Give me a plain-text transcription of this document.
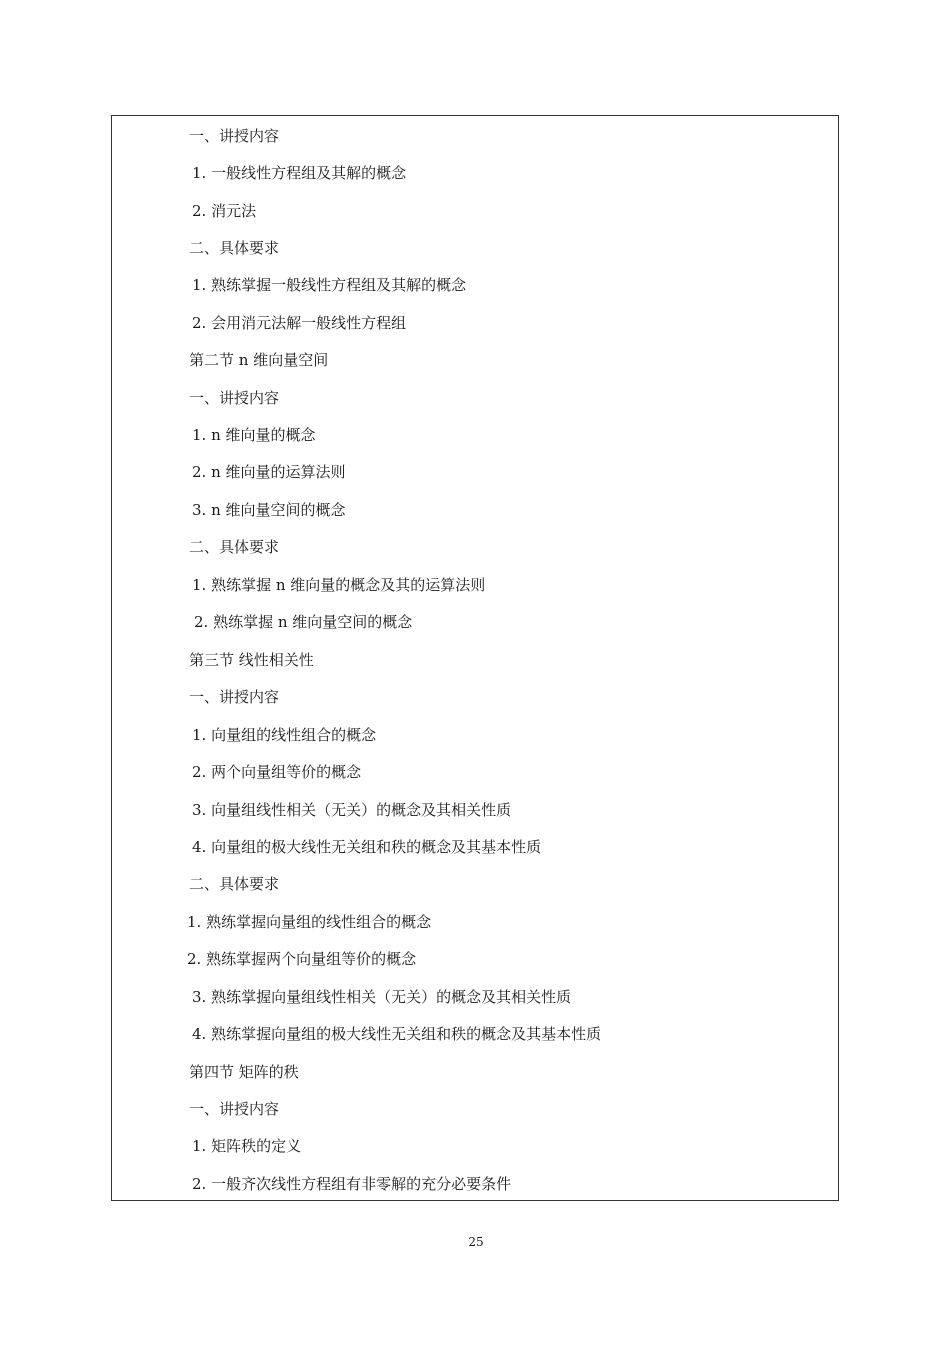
一、讲授内容
1. 一般线性方程组及其解的概念
2. 消元法
二、具体要求
1. 熟练掌握一般线性方程组及其解的概念
2. 会用消元法解一般线性方程组
第二节 n 维向量空间
一、讲授内容
1. n 维向量的概念
2. n 维向量的运算法则
3. n 维向量空间的概念
二、具体要求
1. 熟练掌握 n 维向量的概念及其的运算法则
2. 熟练掌握 n 维向量空间的概念
第三节 线性相关性
一、讲授内容
1. 向量组的线性组合的概念
2. 两个向量组等价的概念
3. 向量组线性相关（无关）的概念及其相关性质
4. 向量组的极大线性无关组和秩的概念及其基本性质
二、具体要求
1. 熟练掌握向量组的线性组合的概念
2. 熟练掌握两个向量组等价的概念
3. 熟练掌握向量组线性相关（无关）的概念及其相关性质
4. 熟练掌握向量组的极大线性无关组和秩的概念及其基本性质
第四节 矩阵的秩
一、讲授内容
1. 矩阵秩的定义
2. 一般齐次线性方程组有非零解的充分必要条件
25
